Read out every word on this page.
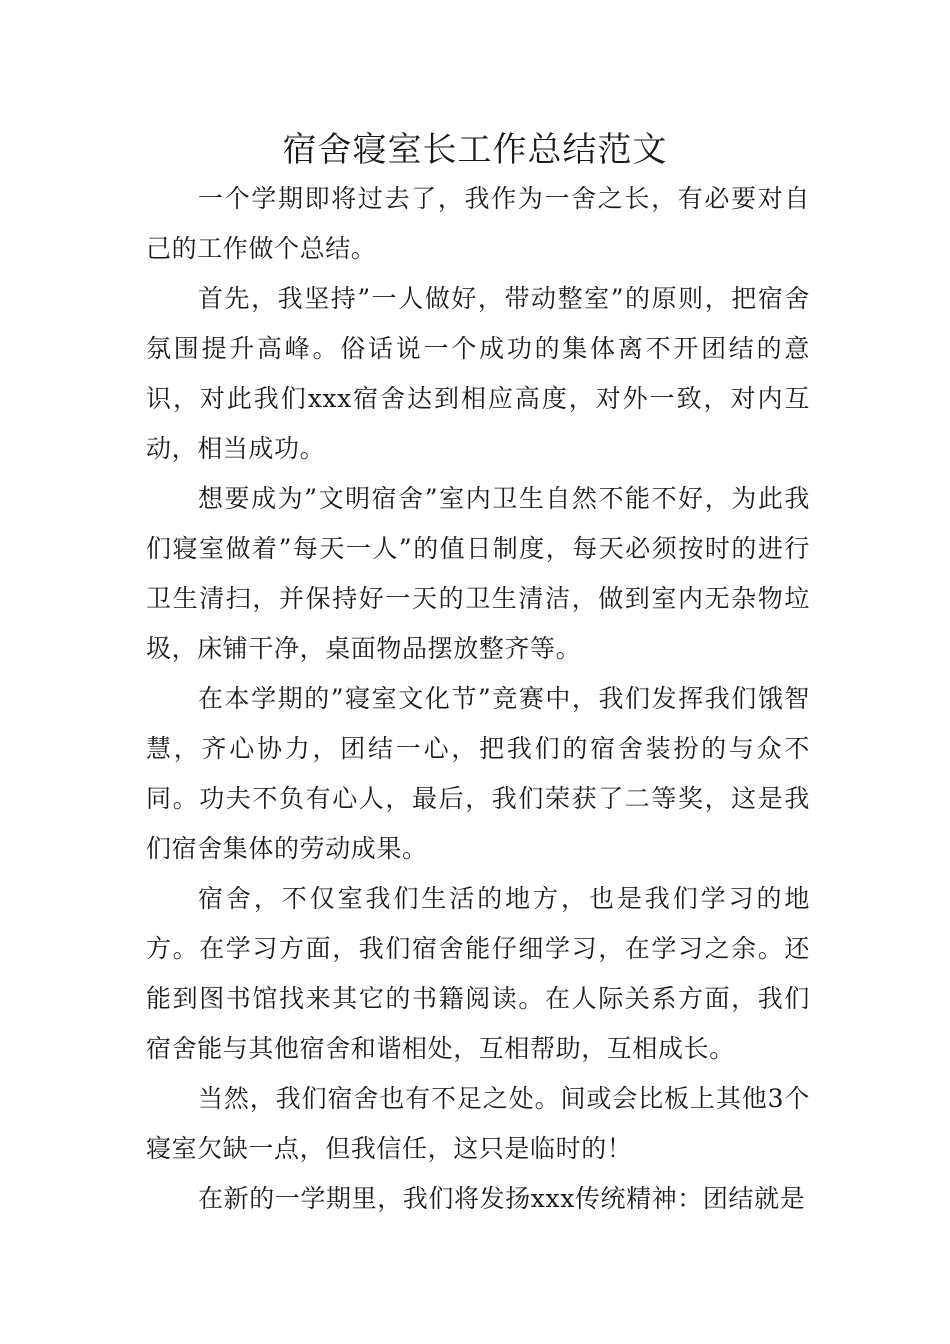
宿舍寝室长工作总结范文

一个学期即将过去了，我作为一舍之长，有必要对自己的工作做个总结。

首先，我坚持”一人做好，带动整室”的原则，把宿舍氛围提升高峰。俗话说一个成功的集体离不开团结的意识，对此我们xxx宿舍达到相应高度，对外一致，对内互动，相当成功。

想要成为”文明宿舍”室内卫生自然不能不好，为此我们寝室做着”每天一人”的值日制度，每天必须按时的进行卫生清扫，并保持好一天的卫生清洁，做到室内无杂物垃圾，床铺干净，桌面物品摆放整齐等。

在本学期的”寝室文化节”竞赛中，我们发挥我们饿智慧，齐心协力，团结一心，把我们的宿舍装扮的与众不同。功夫不负有心人，最后，我们荣获了二等奖，这是我们宿舍集体的劳动成果。

宿舍，不仅室我们生活的地方，也是我们学习的地方。在学习方面，我们宿舍能仔细学习，在学习之余。还能到图书馆找来其它的书籍阅读。在人际关系方面，我们宿舍能与其他宿舍和谐相处，互相帮助，互相成长。

当然，我们宿舍也有不足之处。间或会比板上其他3个寝室欠缺一点，但我信任，这只是临时的！

在新的一学期里，我们将发扬xxx传统精神：团结就是
